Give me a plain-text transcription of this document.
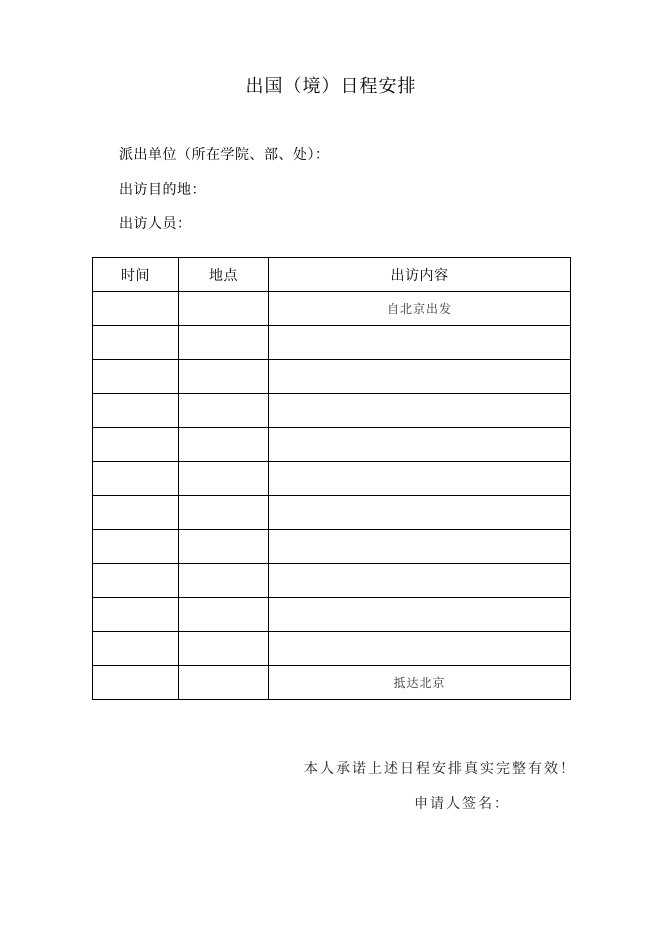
出国（境）日程安排
派出单位（所在学院、部、处）：
出访目的地：
出访人员：
时间	地点	出访内容
		自北京出发

		抵达北京
本人承诺上述日程安排真实完整有效！
申请人签名：
